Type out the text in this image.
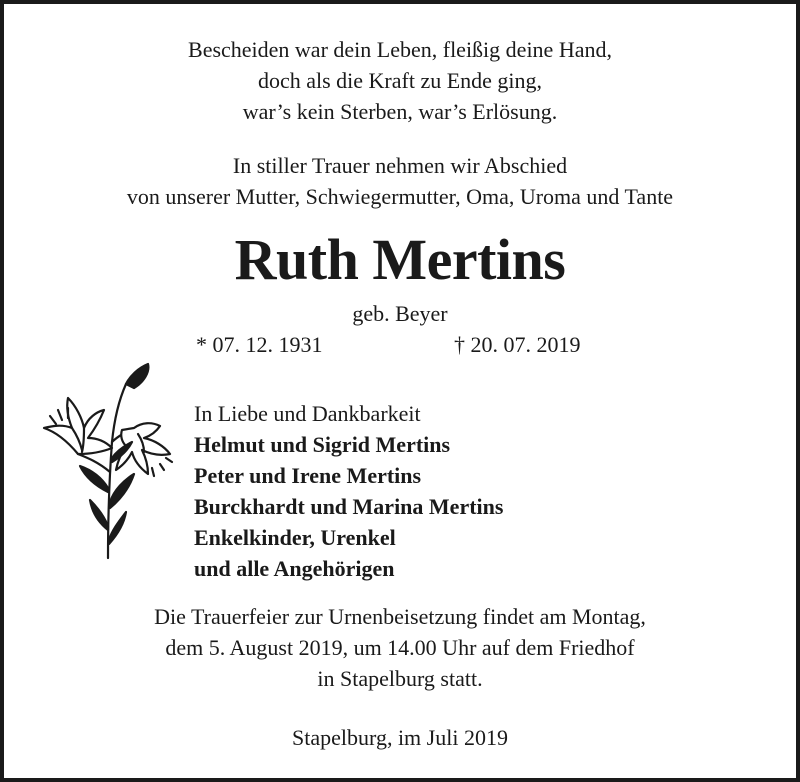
Bescheiden war dein Leben, fleißig deine Hand,
doch als die Kraft zu Ende ging,
war’s kein Sterben, war’s Erlösung.
In stiller Trauer nehmen wir Abschied
von unserer Mutter, Schwiegermutter, Oma, Uroma und Tante
Ruth Mertins
geb. Beyer
* 07. 12. 1931	† 20. 07. 2019
In Liebe und Dankbarkeit
Helmut und Sigrid Mertins
Peter und Irene Mertins
Burckhardt und Marina Mertins
Enkelkinder, Urenkel
und alle Angehörigen
Die Trauerfeier zur Urnenbeisetzung findet am Montag,
dem 5. August 2019, um 14.00 Uhr auf dem Friedhof
in Stapelburg statt.
Stapelburg, im Juli 2019
